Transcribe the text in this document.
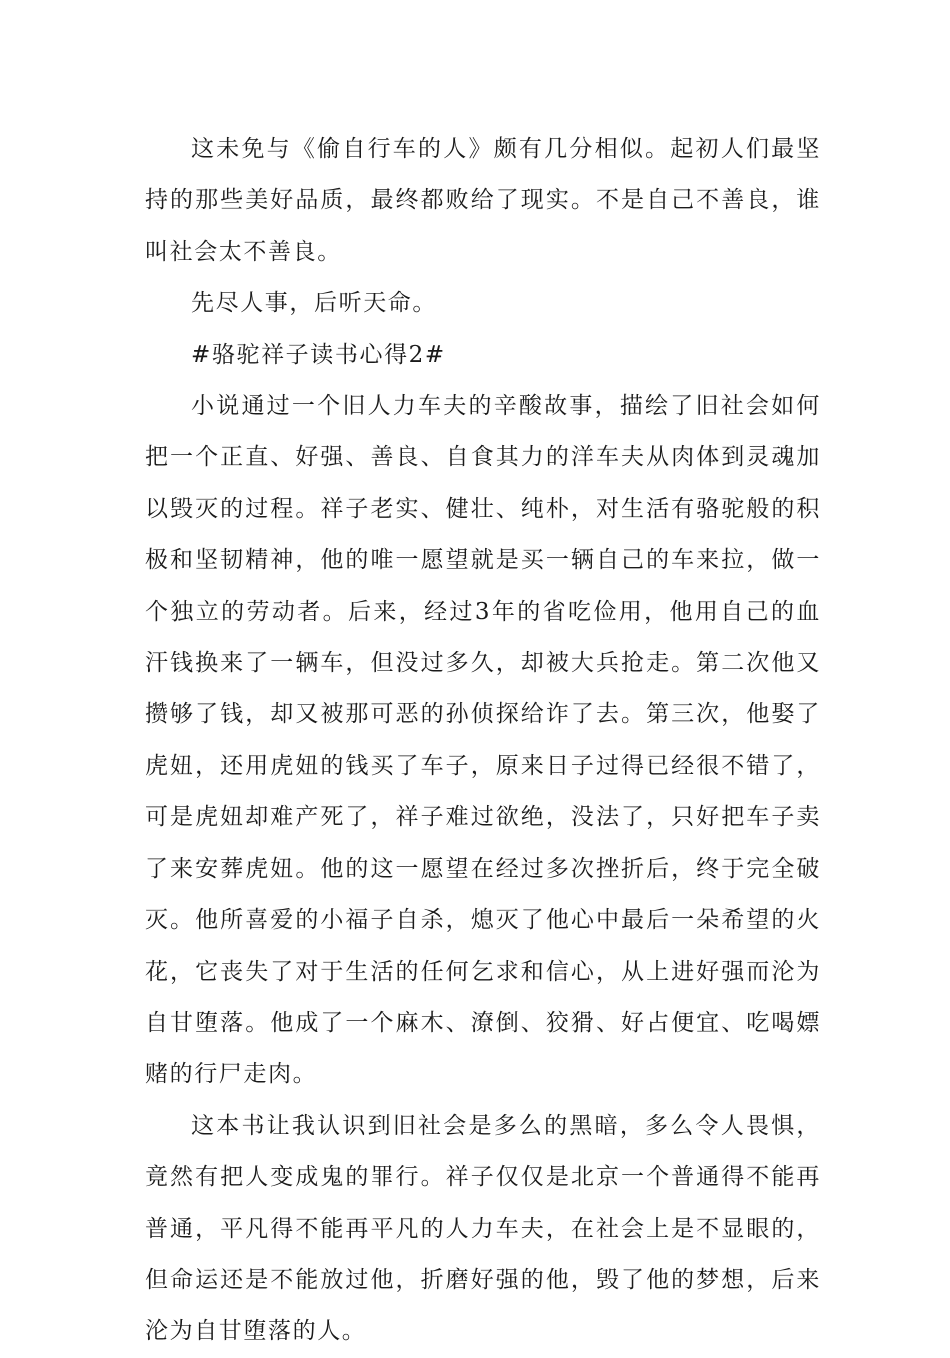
这未免与《偷自行车的人》颇有几分相似。起初人们最坚持的那些美好品质，最终都败给了现实。不是自己不善良，谁叫社会太不善良。

先尽人事，后听天命。

#骆驼祥子读书心得2#

小说通过一个旧人力车夫的辛酸故事，描绘了旧社会如何把一个正直、好强、善良、自食其力的洋车夫从肉体到灵魂加以毁灭的过程。祥子老实、健壮、纯朴，对生活有骆驼般的积极和坚韧精神，他的唯一愿望就是买一辆自己的车来拉，做一个独立的劳动者。后来，经过3年的省吃俭用，他用自己的血汗钱换来了一辆车，但没过多久，却被大兵抢走。第二次他又攒够了钱，却又被那可恶的孙侦探给诈了去。第三次，他娶了虎妞，还用虎妞的钱买了车子，原来日子过得已经很不错了，可是虎妞却难产死了，祥子难过欲绝，没法了，只好把车子卖了来安葬虎妞。他的这一愿望在经过多次挫折后，终于完全破灭。他所喜爱的小福子自杀，熄灭了他心中最后一朵希望的火花，它丧失了对于生活的任何乞求和信心，从上进好强而沦为自甘堕落。他成了一个麻木、潦倒、狡猾、好占便宜、吃喝嫖赌的行尸走肉。

这本书让我认识到旧社会是多么的黑暗，多么令人畏惧，竟然有把人变成鬼的罪行。祥子仅仅是北京一个普通得不能再普通，平凡得不能再平凡的人力车夫，在社会上是不显眼的，但命运还是不能放过他，折磨好强的他，毁了他的梦想，后来沦为自甘堕落的人。
